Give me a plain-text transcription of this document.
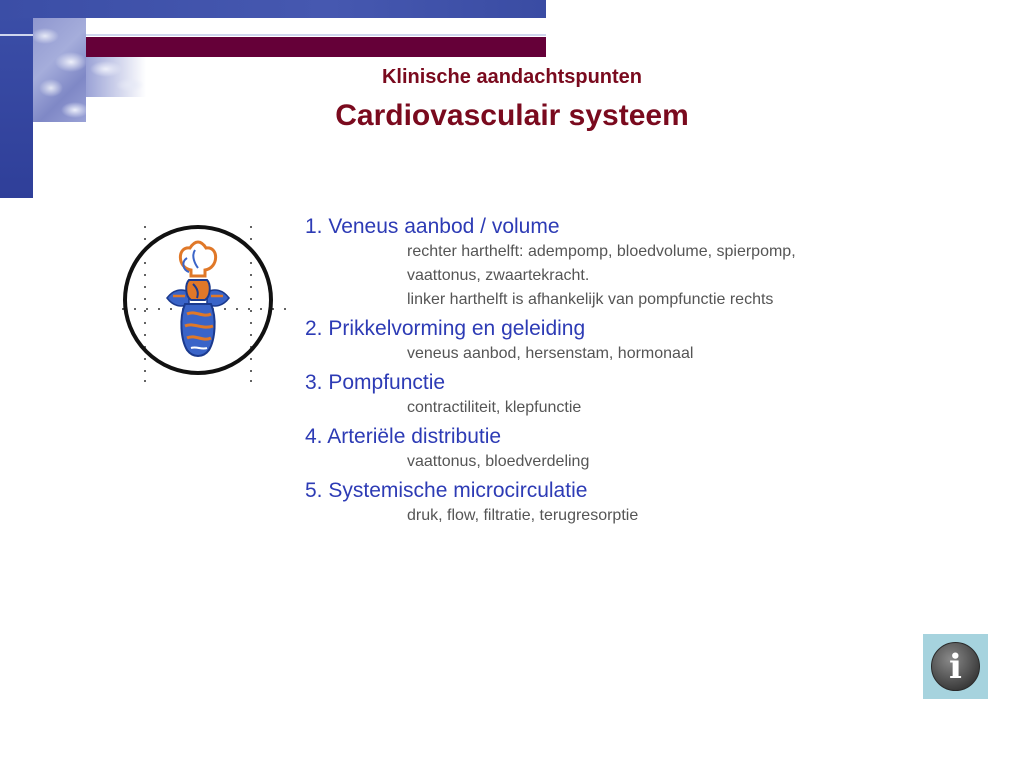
Klinische aandachtspunten
Cardiovasculair systeem

1. Veneus aanbod / volume

rechter harthelft: adempomp, bloedvolume, spierpomp,

vaattonus, zwaartekracht.

linker harthelft is afhankelijk van pompfunctie rechts

2. Prikkelvorming en geleiding

veneus aanbod, hersenstam, hormonaal

3. Pompfunctie

contractiliteit, klepfunctie

4. Arteriële distributie

vaattonus, bloedverdeling

5. Systemische microcirculatie

druk, flow, filtratie, terugresorptie

i
